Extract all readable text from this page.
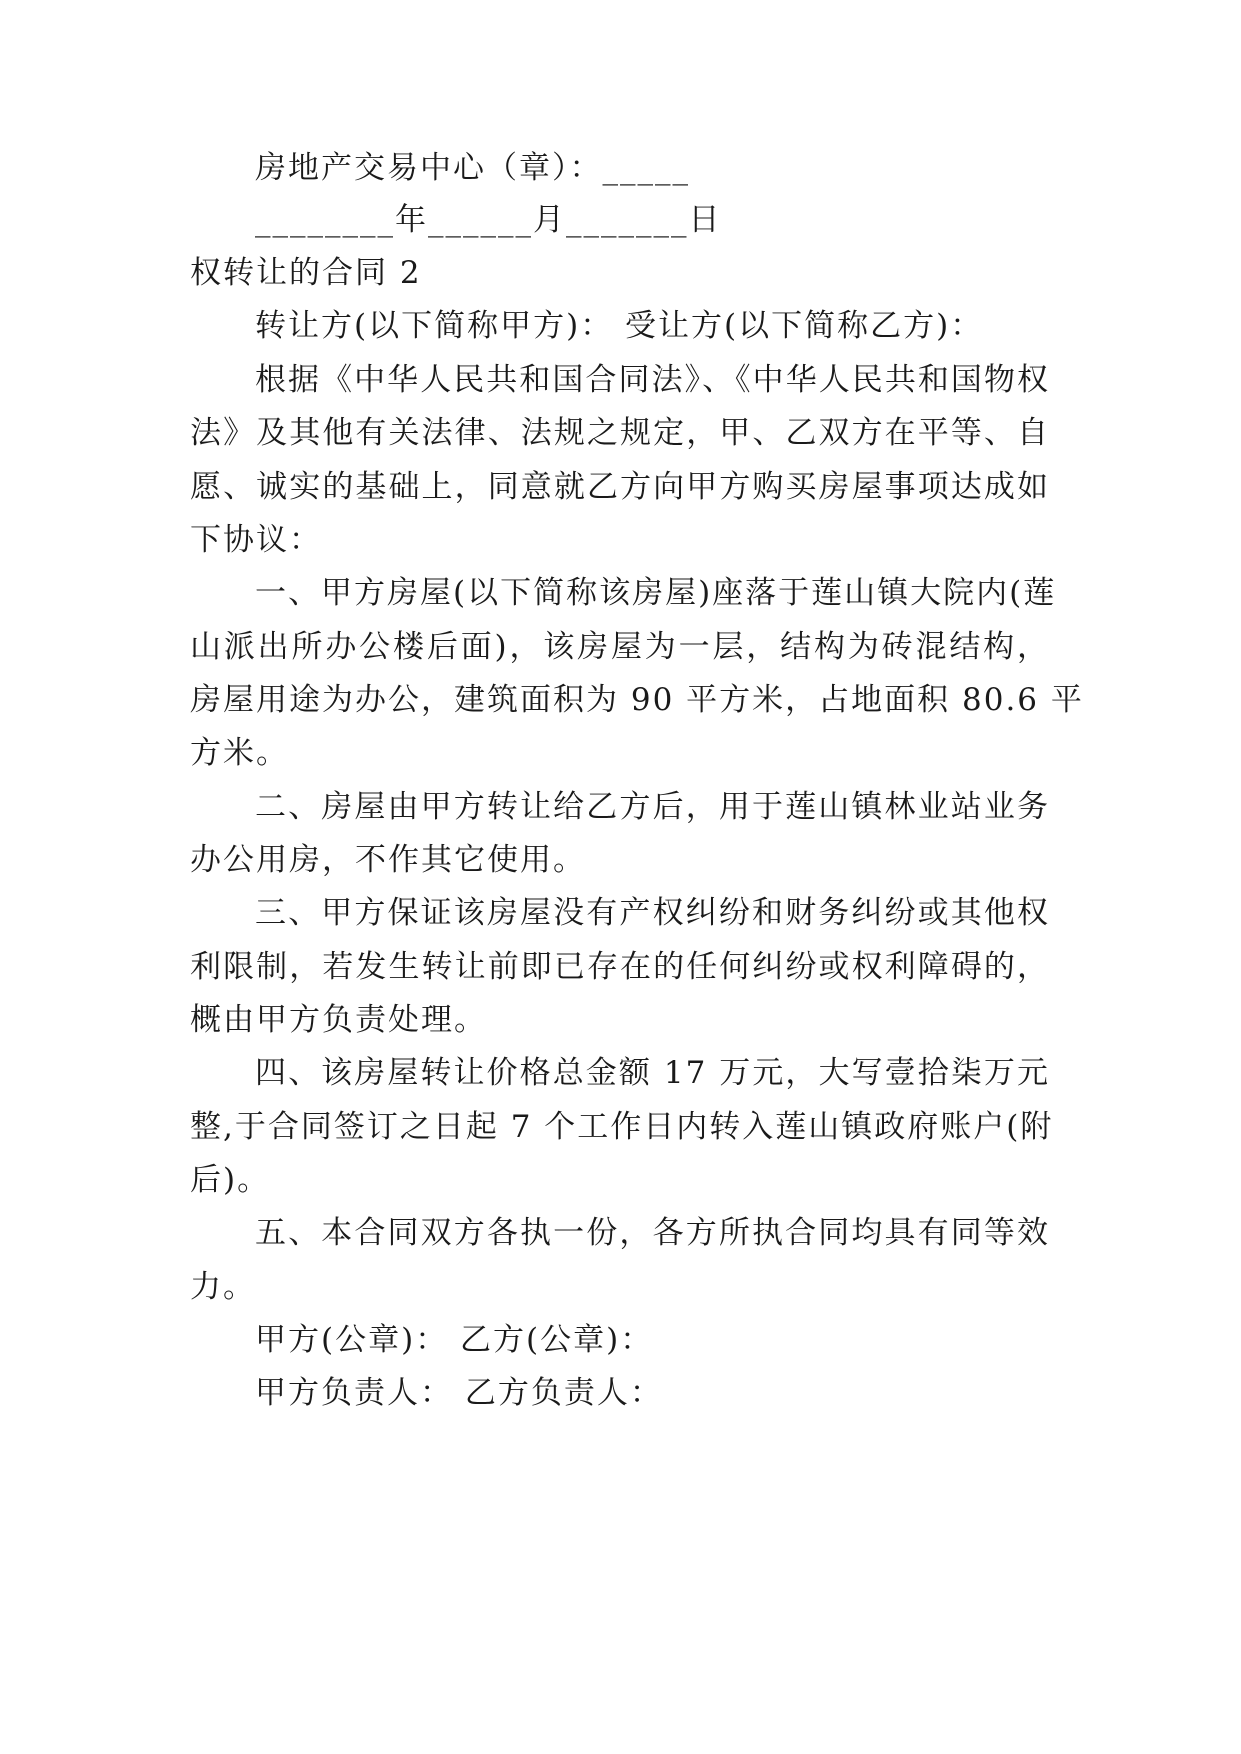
房地产交易中心（章）：_____
________年______月_______日
权转让的合同 2
转让方(以下简称甲方)： 受让方(以下简称乙方)：
根据《中华人民共和国合同法》、《中华人民共和国物权
法》及其他有关法律、法规之规定，甲、乙双方在平等、自
愿、诚实的基础上，同意就乙方向甲方购买房屋事项达成如
下协议：
一、甲方房屋(以下简称该房屋)座落于莲山镇大院内(莲
山派出所办公楼后面)，该房屋为一层，结构为砖混结构，
房屋用途为办公，建筑面积为 90 平方米，占地面积 80.6 平
方米。
二、房屋由甲方转让给乙方后，用于莲山镇林业站业务
办公用房，不作其它使用。
三、甲方保证该房屋没有产权纠纷和财务纠纷或其他权
利限制，若发生转让前即已存在的任何纠纷或权利障碍的，
概由甲方负责处理。
四、该房屋转让价格总金额 17 万元，大写壹拾柒万元
整,于合同签订之日起 7 个工作日内转入莲山镇政府账户(附
后)。
五、本合同双方各执一份，各方所执合同均具有同等效
力。
甲方(公章)： 乙方(公章)：
甲方负责人： 乙方负责人：
